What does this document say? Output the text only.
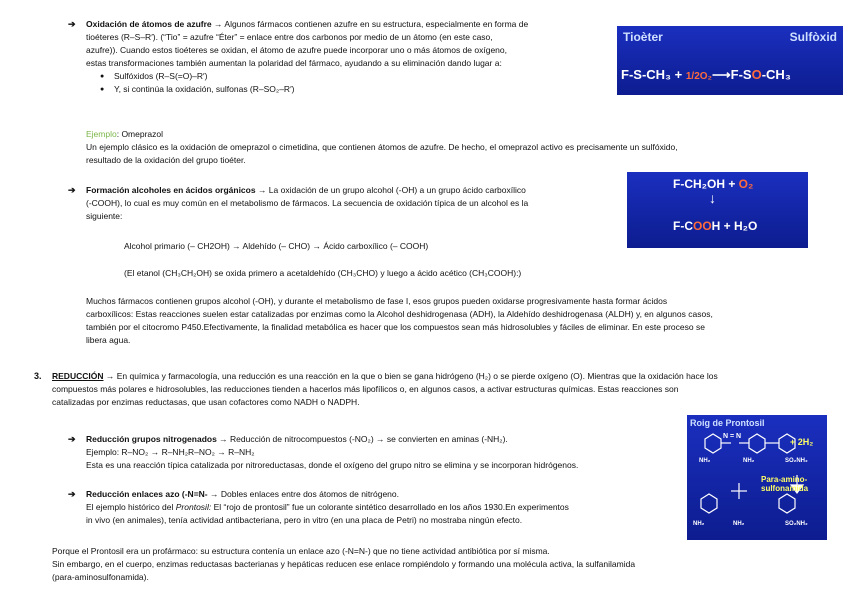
➔ Oxidación de átomos de azufre → Algunos fármacos contienen azufre en su estructura, especialmente en forma de
tioéteres (R–S–R′). (“Tio” = azufre “Éter” = enlace entre dos carbonos por medio de un átomo (en este caso,
azufre)). Cuando estos tioéteres se oxidan, el átomo de azufre puede incorporar uno o más átomos de oxígeno,
estas transformaciones también aumentan la polaridad del fármaco, ayudando a su eliminación dando lugar a:
● Sulfóxidos (R–S(=O)–R′)
● Y, si continúa la oxidación, sulfonas (R–SO₂–R′)
Tioèter	Sulfòxid
F-S-CH₃ + 1/2O₂⟶F-SO-CH₃
Ejemplo: Omeprazol
Un ejemplo clásico es la oxidación de omeprazol o cimetidina, que contienen átomos de azufre. De hecho, el omeprazol activo es precisamente un sulfóxido,
resultado de la oxidación del grupo tioéter.
➔ Formación alcoholes en ácidos orgánicos → La oxidación de un grupo alcohol (-OH) a un grupo ácido carboxílico
(-COOH), lo cual es muy común en el metabolismo de fármacos. La secuencia de oxidación típica de un alcohol es la
siguiente:
Alcohol primario (– CH2OH) → Aldehído (– CHO) → Ácido carboxílico (– COOH)
(El etanol (CH₃CH₂OH) se oxida primero a acetaldehído (CH₃CHO) y luego a ácido acético (CH₃COOH):)
F-CH₂OH + O₂
↓
F-COOH + H₂O
Muchos fármacos contienen grupos alcohol (-OH), y durante el metabolismo de fase I, esos grupos pueden oxidarse progresivamente hasta formar ácidos
carboxílicos: Estas reacciones suelen estar catalizadas por enzimas como la Alcohol deshidrogenasa (ADH), la Aldehído deshidrogenasa (ALDH) y, en algunos casos,
también por el citocromo P450.Efectivamente, la finalidad metabólica es hacer que los compuestos sean más hidrosolubles y fáciles de eliminar. En este proceso se
libera agua.
3. REDUCCIÓN → En química y farmacología, una reducción es una reacción en la que o bien se gana hidrógeno (H₂) o se pierde oxígeno (O). Mientras que la oxidación hace los
compuestos más polares e hidrosolubles, las reducciones tienden a hacerlos más lipofílicos o, en algunos casos, a activar estructuras químicas. Estas reacciones son
catalizadas por enzimas reductasas, que usan cofactores como NADH o NADPH.
➔ Reducción grupos nitrogenados → Reducción de nitrocompuestos (-NO₂) → se convierten en aminas (-NH₂).
Ejemplo: R–NO₂ → R–NH₂R–NO₂ → R–NH₂
Esta es una reacción típica catalizada por nitroreductasas, donde el oxígeno del grupo nitro se elimina y se incorporan hidrógenos.
➔ Reducción enlaces azo (-N=N- → Dobles enlaces entre dos átomos de nitrógeno.
El ejemplo histórico del Prontosil: El “rojo de prontosil” fue un colorante sintético desarrollado en los años 1930.En experimentos
in vivo (en animales), tenía actividad antibacteriana, pero in vitro (en una placa de Petri) no mostraba ningún efecto.
Roig de Prontosil
N = N
+ 2H₂
NH₂	NH₂	SO₂NH₂
Para-amino-
sulfonamida
NH₂	NH₂	SO₂NH₂
Porque el Prontosil era un profármaco: su estructura contenía un enlace azo (-N=N-) que no tiene actividad antibiótica por sí misma.
Sin embargo, en el cuerpo, enzimas reductasas bacterianas y hepáticas reducen ese enlace rompiéndolo y formando una molécula activa, la sulfanilamida
(para-aminosulfonamida).
